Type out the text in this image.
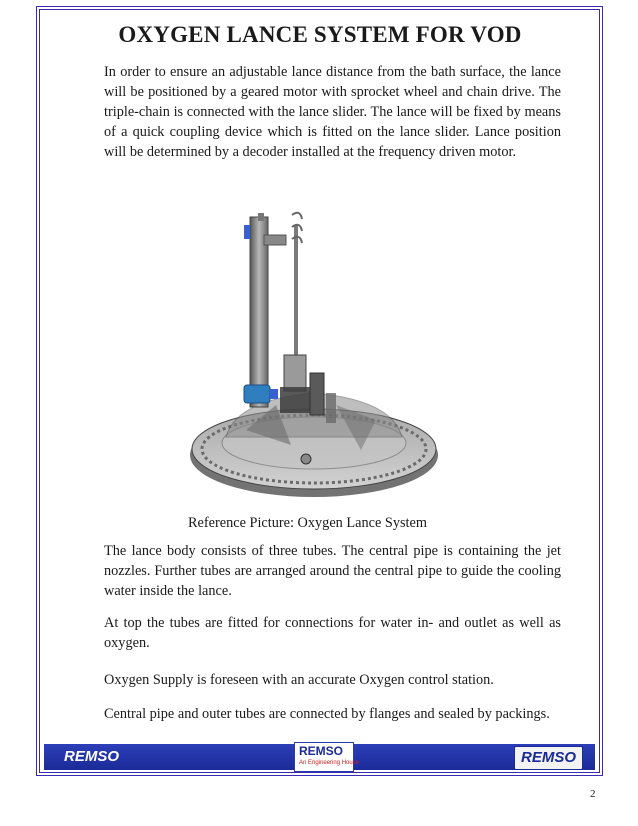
OXYGEN LANCE SYSTEM FOR VOD
In order to ensure an adjustable lance distance from the bath surface, the lance will be positioned by a geared motor with sprocket wheel and chain drive. The triple-chain is connected with the lance slider. The lance will be fixed by means of a quick coupling device which is fitted on the lance slider. Lance position will be determined by a decoder installed at the frequency driven motor.
Reference Picture: Oxygen Lance System
The lance body consists of three tubes. The central pipe is containing the jet nozzles. Further tubes are arranged around the central pipe to guide the cooling water inside the lance.
At top the tubes are fitted for connections for water in- and outlet as well as oxygen.
Oxygen Supply is foreseen with an accurate Oxygen control station.
Central pipe and outer tubes are connected by flanges and sealed by packings.
REMSO	REMSO
An Engineering House	REMSO
2
